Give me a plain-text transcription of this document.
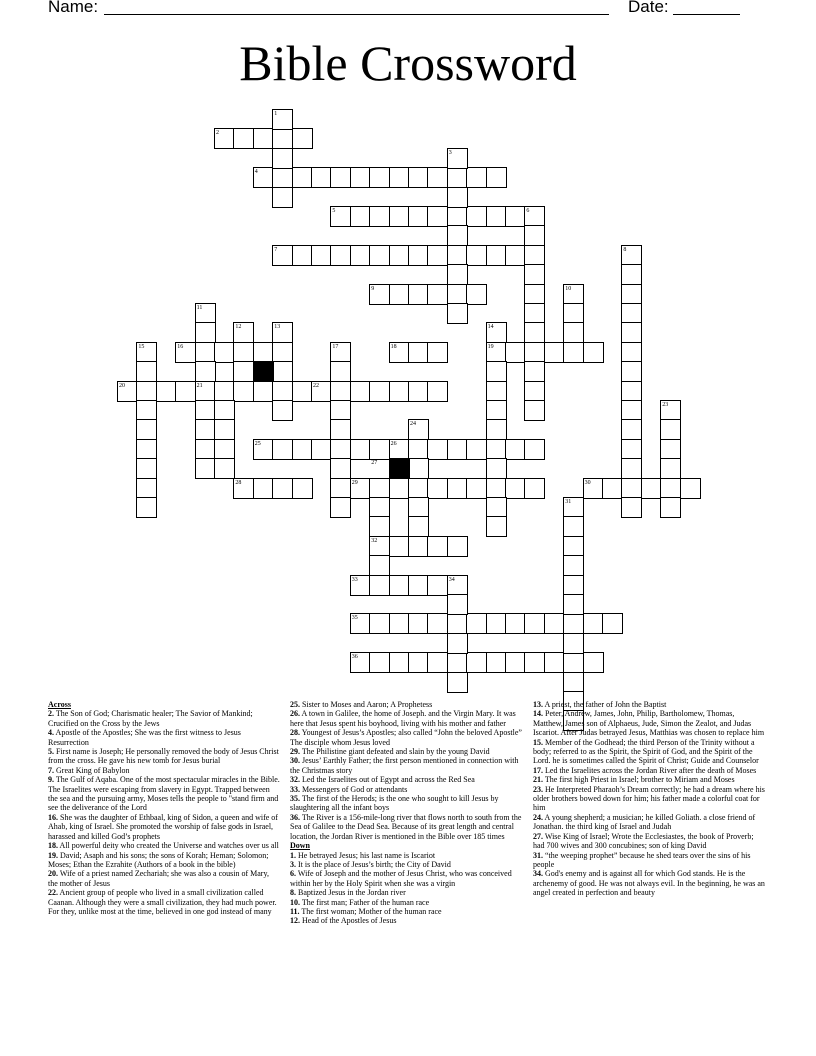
Name:	Date:
Bible Crossword
1
2
3
4
5	6
7	8
9	10
11
12	13	14
15	16	17	18	19
20	21	22
23
24
25	26
27
28	29	30
31
32
33	34
35
36
Across
2. The Son of God; Charismatic healer; The Savior of Mankind; Crucified on the Cross by the Jews
4. Apostle of the Apostles; She was the first witness to Jesus Resurrection
5. First name is Joseph; He personally removed the body of Jesus Christ from the cross. He gave his new tomb for Jesus burial
7. Great King of Babylon
9. The Gulf of Aqaba. One of the most spectacular miracles in the Bible. The Israelites were escaping from slavery in Egypt. Trapped between the sea and the pursuing army, Moses tells the people to "stand firm and see the deliverance of the Lord
16. She was the daughter of Ethbaal, king of Sidon, a queen and wife of Ahab, king of Israel. She promoted the worship of false gods in Israel, harassed and killed God’s prophets
18. All powerful deity who created the Universe and watches over us all
19. David; Asaph and his sons; the sons of Korah; Heman; Solomon; Moses; Ethan the Ezrahite (Authors of a book in the bible)
20. Wife of a priest named Zechariah; she was also a cousin of Mary, the mother of Jesus
22. Ancient group of people who lived in a small civilization called Caanan. Although they were a small civilization, they had much power. For they, unlike most at the time, believed in one god instead of many
25. Sister to Moses and Aaron; A Prophetess
26. A town in Galilee, the home of Joseph. and the Virgin Mary. It was here that Jesus spent his boyhood, living with his mother and father
28. Youngest of Jesus’s Apostles; also called “John the beloved Apostle” The disciple whom Jesus loved
29. The Philistine giant defeated and slain by the young David
30. Jesus’ Earthly Father; the first person mentioned in connection with the Christmas story
32. Led the Israelites out of Egypt and across the Red Sea
33. Messengers of God or attendants
35. The first of the Herods; is the one who sought to kill Jesus by slaughtering all the infant boys
36. The River is a 156-mile-long river that flows north to south from the Sea of Galilee to the Dead Sea. Because of its great length and central location, the Jordan River is mentioned in the Bible over 185 times
Down
1. He betrayed Jesus; his last name is Iscariot
3. It is the place of Jesus’s birth; the City of David
6. Wife of Joseph and the mother of Jesus Christ, who was conceived within her by the Holy Spirit when she was a virgin
8. Baptized Jesus in the Jordan river
10. The first man; Father of the human race
11. The first woman; Mother of the human race
12. Head of the Apostles of Jesus
13. A priest, the father of John the Baptist
14. Peter, Andrew, James, John, Philip, Bartholomew, Thomas, Matthew, James son of Alphaeus, Jude, Simon the Zealot, and Judas Iscariot. After Judas betrayed Jesus, Matthias was chosen to replace him
15. Member of the Godhead; the third Person of the Trinity without a body; referred to as the Spirit, the Spirit of God, and the Spirit of the Lord. he is sometimes called the Spirit of Christ; Guide and Counselor
17. Led the Israelites across the Jordan River after the death of Moses
21. The first high Priest in Israel; brother to Miriam and Moses
23. He Interpreted Pharaoh’s Dream correctly; he had a dream where his older brothers bowed down for him; his father made a colorful coat for him
24. A young shepherd; a musician; he killed Goliath. a close friend of Jonathan. the third king of Israel and Judah
27. Wise King of Israel; Wrote the Ecclesiastes, the book of Proverb; had 700 wives and 300 concubines; son of king David
31. “the weeping prophet” because he shed tears over the sins of his people
34. God's enemy and is against all for which God stands. He is the archenemy of good. He was not always evil. In the beginning, he was an angel created in perfection and beauty
